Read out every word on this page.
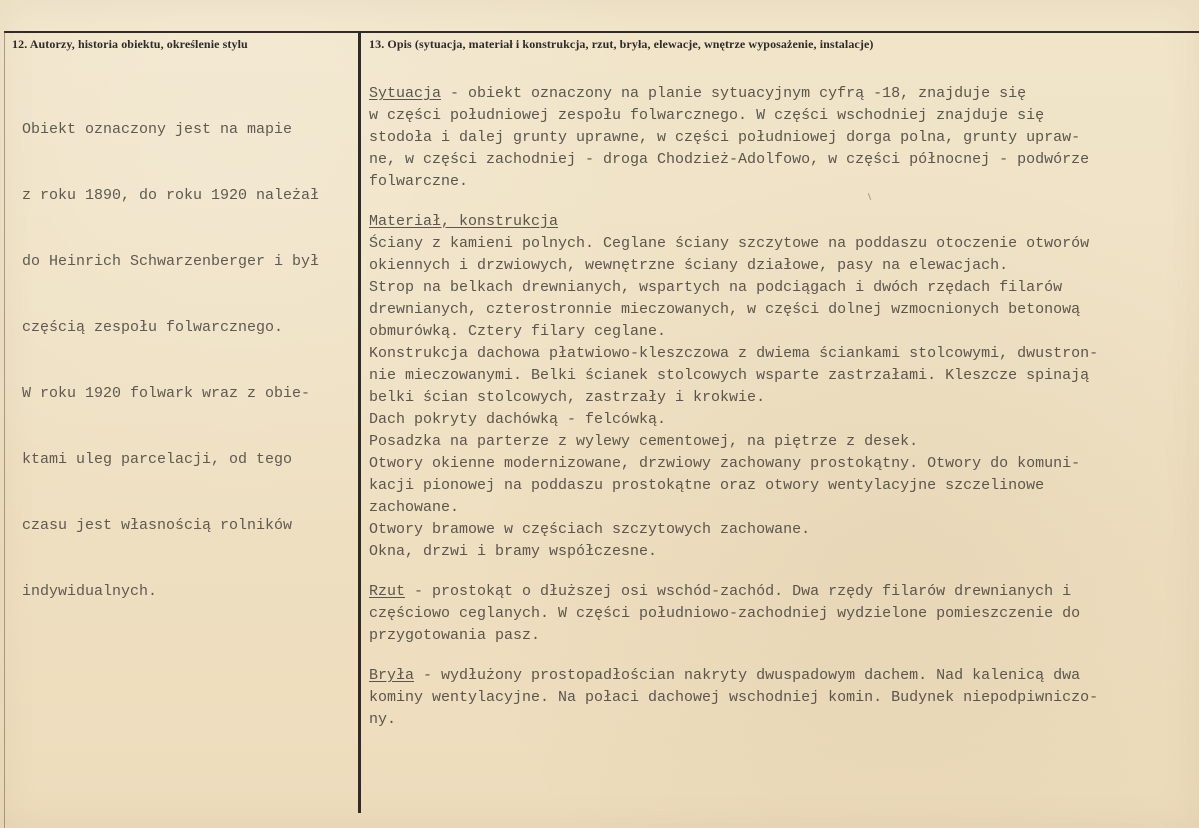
12. Autorzy, historia obiektu, określenie stylu	13. Opis (sytuacja, materiał i konstrukcja, rzut, bryła, elewacje, wnętrze wyposażenie, instalacje)

Obiekt oznaczony jest na mapie

z roku 1890, do roku 1920 należał

do Heinrich Schwarzenberger i był

częścią zespołu folwarcznego.

W roku 1920 folwark wraz z obie-

ktami uleg parcelacji, od tego

czasu jest własnością rolników

indywidualnych.

Sytuacja - obiekt oznaczony na planie sytuacyjnym cyfrą -18, znajduje się
w części południowej zespołu folwarcznego. W części wschodniej znajduje się
stodoła i dalej grunty uprawne, w części południowej dorga polna, grunty upraw-
ne, w części zachodniej - droga Chodzież-Adolfowo, w części północnej - podwórze
folwarczne.
Materiał, konstrukcja
Ściany z kamieni polnych. Ceglane ściany szczytowe na poddaszu otoczenie otworów
okiennych i drzwiowych, wewnętrzne ściany działowe, pasy na elewacjach.
Strop na belkach drewnianych, wspartych na podciągach i dwóch rzędach filarów
drewnianych, czterostronnie mieczowanych, w części dolnej wzmocnionych betonową
obmurówką. Cztery filary ceglane.
Konstrukcja dachowa płatwiowo-kleszczowa z dwiema ściankami stolcowymi, dwustron-
nie mieczowanymi. Belki ścianek stolcowych wsparte zastrzałami. Kleszcze spinają
belki ścian stolcowych, zastrzały i krokwie.
Dach pokryty dachówką - felcówką.
Posadzka na parterze z wylewy cementowej, na piętrze z desek.
Otwory okienne modernizowane, drzwiowy zachowany prostokątny. Otwory do komuni-
kacji pionowej na poddaszu prostokątne oraz otwory wentylacyjne szczelinowe
zachowane.
Otwory bramowe w częściach szczytowych zachowane.
Okna, drzwi i bramy współczesne.
Rzut - prostokąt o dłuższej osi wschód-zachód. Dwa rzędy filarów drewnianych i
częściowo ceglanych. W części południowo-zachodniej wydzielone pomieszczenie do
przygotowania pasz.
Bryła - wydłużony prostopadłościan nakryty dwuspadowym dachem. Nad kalenicą dwa
kominy wentylacyjne. Na połaci dachowej wschodniej komin. Budynek niepodpiwniczo-
ny.
